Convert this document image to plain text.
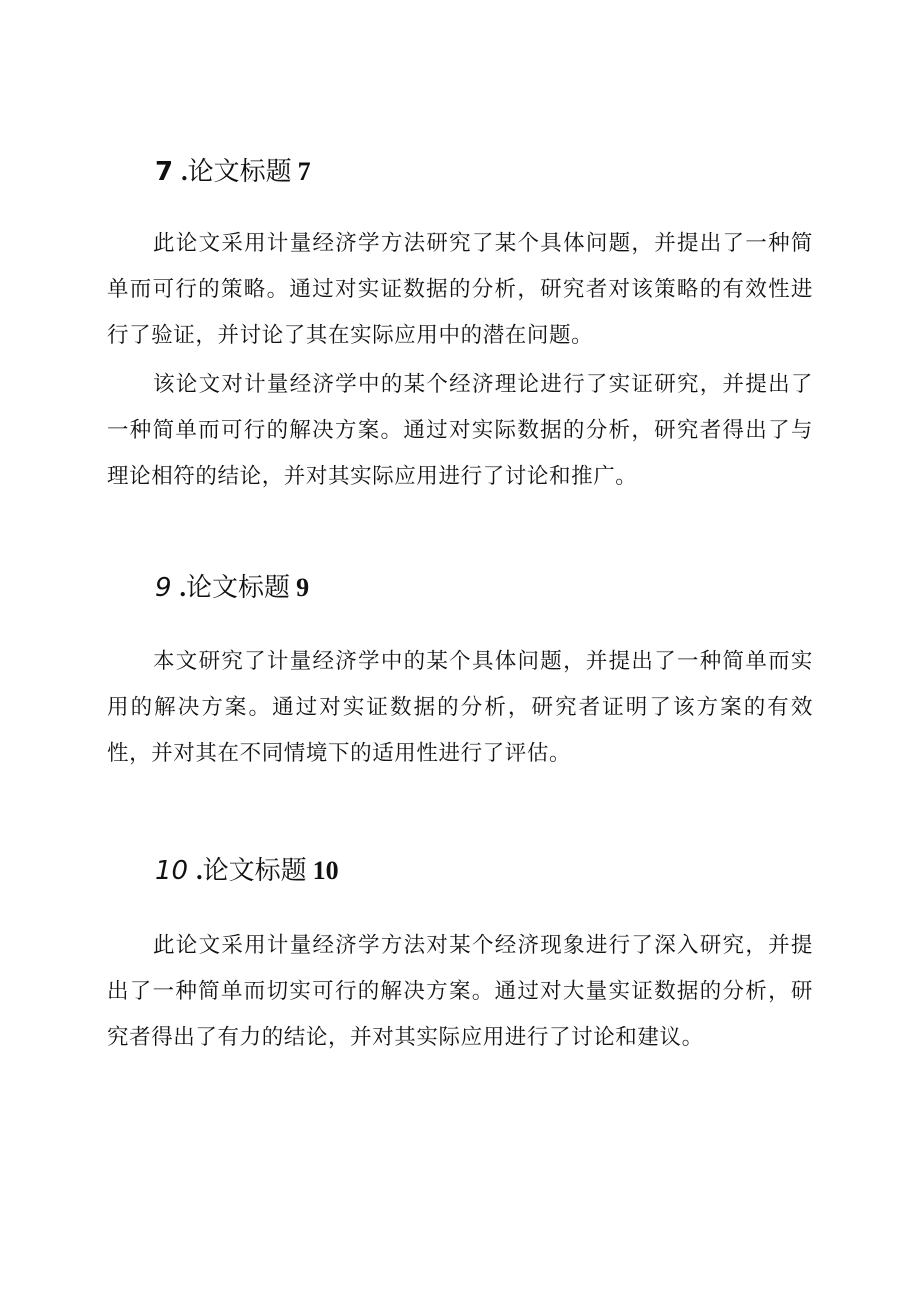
7 . 论文标题 7

此论文采用计量经济学方法研究了某个具体问题，并提出了一种简单而可行的策略。通过对实证数据的分析，研究者对该策略的有效性进行了验证，并讨论了其在实际应用中的潜在问题。

该论文对计量经济学中的某个经济理论进行了实证研究，并提出了一种简单而可行的解决方案。通过对实际数据的分析，研究者得出了与理论相符的结论，并对其实际应用进行了讨论和推广。

9 . 论文标题 9

本文研究了计量经济学中的某个具体问题，并提出了一种简单而实用的解决方案。通过对实证数据的分析，研究者证明了该方案的有效性，并对其在不同情境下的适用性进行了评估。

10 . 论文标题 10

此论文采用计量经济学方法对某个经济现象进行了深入研究，并提出了一种简单而切实可行的解决方案。通过对大量实证数据的分析，研究者得出了有力的结论，并对其实际应用进行了讨论和建议。
